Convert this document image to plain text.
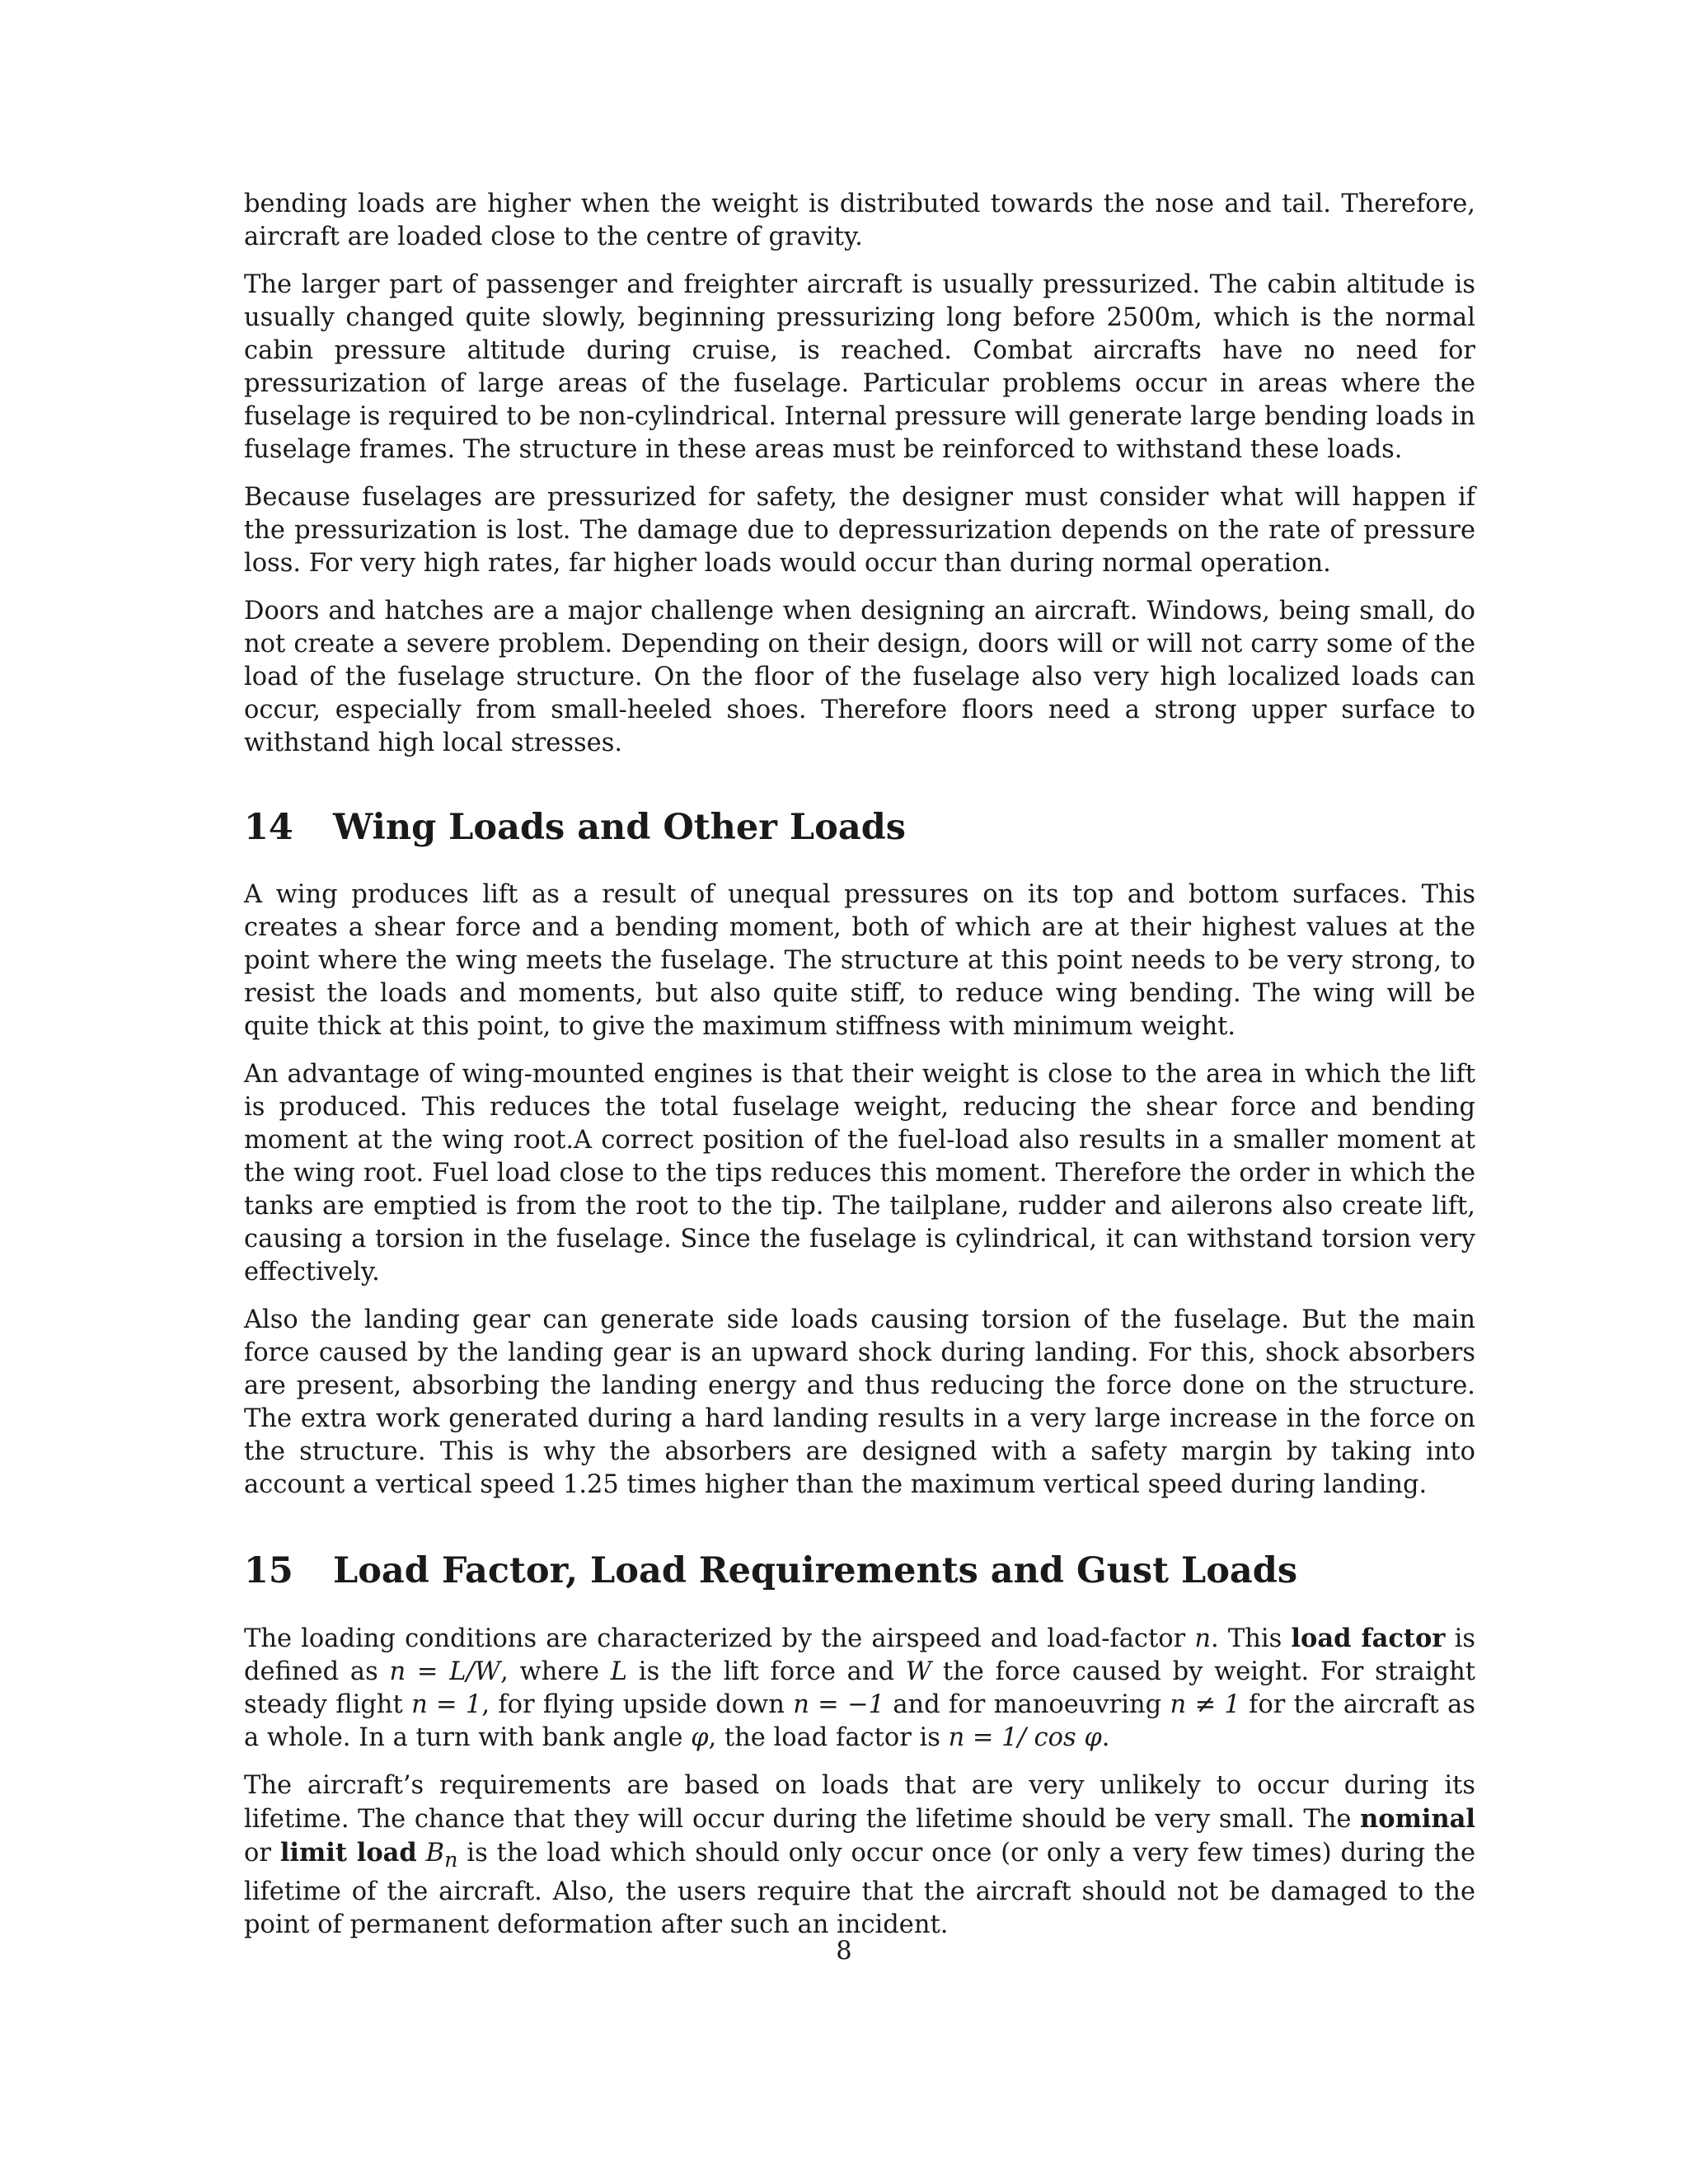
bending loads are higher when the weight is distributed towards the nose and tail. Therefore, aircraft are loaded close to the centre of gravity.

The larger part of passenger and freighter aircraft is usually pressurized. The cabin altitude is usually changed quite slowly, beginning pressurizing long before 2500m, which is the normal cabin pressure altitude during cruise, is reached. Combat aircrafts have no need for pressurization of large areas of the fuselage. Particular problems occur in areas where the fuselage is required to be non-cylindrical. Internal pressure will generate large bending loads in fuselage frames. The structure in these areas must be reinforced to withstand these loads.

Because fuselages are pressurized for safety, the designer must consider what will happen if the pressurization is lost. The damage due to depressurization depends on the rate of pressure loss. For very high rates, far higher loads would occur than during normal operation.

Doors and hatches are a major challenge when designing an aircraft. Windows, being small, do not create a severe problem. Depending on their design, doors will or will not carry some of the load of the fuselage structure. On the floor of the fuselage also very high localized loads can occur, especially from small-heeled shoes. Therefore floors need a strong upper surface to withstand high local stresses.

14	Wing Loads and Other Loads

A wing produces lift as a result of unequal pressures on its top and bottom surfaces. This creates a shear force and a bending moment, both of which are at their highest values at the point where the wing meets the fuselage. The structure at this point needs to be very strong, to resist the loads and moments, but also quite stiff, to reduce wing bending. The wing will be quite thick at this point, to give the maximum stiffness with minimum weight.

An advantage of wing-mounted engines is that their weight is close to the area in which the lift is produced. This reduces the total fuselage weight, reducing the shear force and bending moment at the wing root.A correct position of the fuel-load also results in a smaller moment at the wing root. Fuel load close to the tips reduces this moment. Therefore the order in which the tanks are emptied is from the root to the tip. The tailplane, rudder and ailerons also create lift, causing a torsion in the fuselage. Since the fuselage is cylindrical, it can withstand torsion very effectively.

Also the landing gear can generate side loads causing torsion of the fuselage. But the main force caused by the landing gear is an upward shock during landing. For this, shock absorbers are present, absorbing the landing energy and thus reducing the force done on the structure. The extra work generated during a hard landing results in a very large increase in the force on the structure. This is why the absorbers are designed with a safety margin by taking into account a vertical speed 1.25 times higher than the maximum vertical speed during landing.

15	Load Factor, Load Requirements and Gust Loads

The loading conditions are characterized by the airspeed and load-factor n. This load factor is defined as n = L/W, where L is the lift force and W the force caused by weight. For straight steady flight n = 1, for flying upside down n = −1 and for manoeuvring n ≠ 1 for the aircraft as a whole. In a turn with bank angle φ, the load factor is n = 1/ cos φ.

The aircraft’s requirements are based on loads that are very unlikely to occur during its lifetime. The chance that they will occur during the lifetime should be very small. The nominal or limit load $B_n$ is the load which should only occur once (or only a very few times) during the lifetime of the aircraft. Also, the users require that the aircraft should not be damaged to the point of permanent deformation after such an incident.

8
